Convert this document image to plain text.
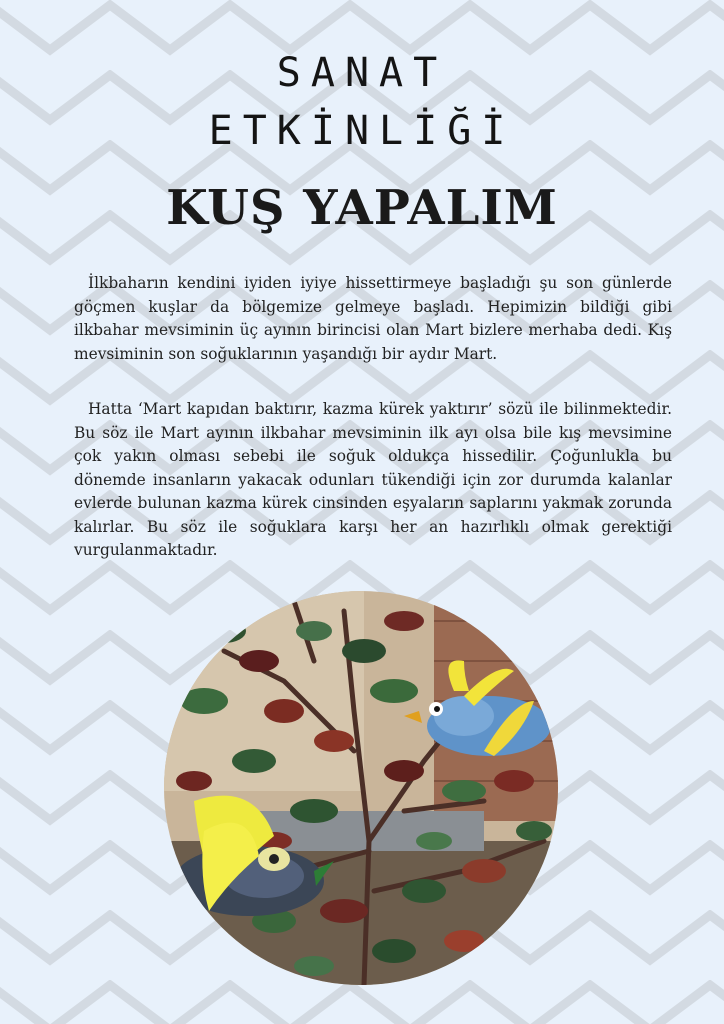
SANAT
ETKİNLİĞİ
KUŞ YAPALIM

İlkbaharın kendini iyiden iyiye hissettirmeye başladığı şu son günlerde göçmen kuşlar da bölgemize gelmeye başladı. Hepimizin bildiği gibi ilkbahar mevsiminin üç ayının birincisi olan Mart bizlere merhaba dedi. Kış mevsiminin son soğuklarının yaşandığı bir aydır Mart.

Hatta ‘Mart kapıdan baktırır, kazma kürek yaktırır’ sözü ile bilinmektedir. Bu söz ile Mart ayının ilkbahar mevsiminin ilk ayı olsa bile kış mevsimine çok yakın olması sebebi ile soğuk oldukça hissedilir. Çoğunlukla bu dönemde insanların yakacak odunları tükendiği için zor durumda kalanlar evlerde bulunan kazma kürek cinsinden eşyaların saplarını yakmak zorunda kalırlar. Bu söz ile soğuklara karşı her an hazırlıklı olmak gerektiği vurgulanmaktadır.
